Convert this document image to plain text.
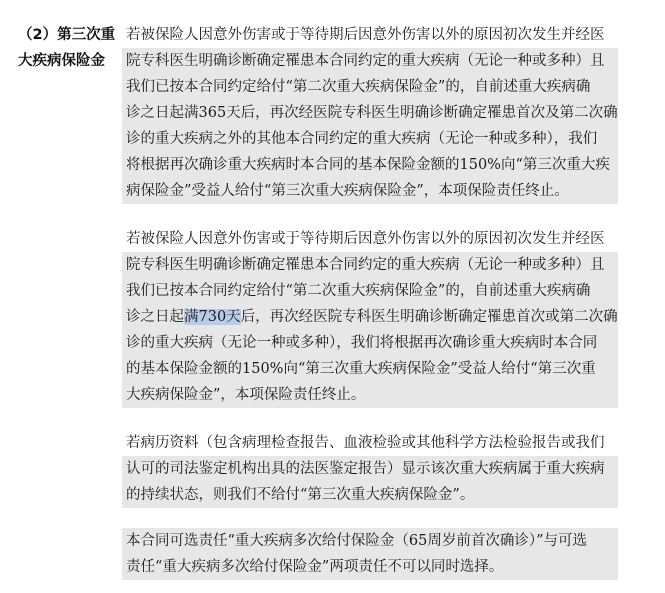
（2）第三次重
大疾病保险金
若被保险人因意外伤害或于等待期后因意外伤害以外的原因初次发生并经医
院专科医生明确诊断确定罹患本合同约定的重大疾病（无论一种或多种）且
我们已按本合同约定给付“第二次重大疾病保险金”的，自前述重大疾病确
诊之日起满365天后，再次经医院专科医生明确诊断确定罹患首次及第二次确
诊的重大疾病之外的其他本合同约定的重大疾病（无论一种或多种），我们
将根据再次确诊重大疾病时本合同的基本保险金额的150%向“第三次重大疾
病保险金”受益人给付“第三次重大疾病保险金”，本项保险责任终止。
若被保险人因意外伤害或于等待期后因意外伤害以外的原因初次发生并经医
院专科医生明确诊断确定罹患本合同约定的重大疾病（无论一种或多种）且
我们已按本合同约定给付“第二次重大疾病保险金”的，自前述重大疾病确
诊之日起满730天后，再次经医院专科医生明确诊断确定罹患首次或第二次确
诊的重大疾病（无论一种或多种），我们将根据再次确诊重大疾病时本合同
的基本保险金额的150%向“第三次重大疾病保险金”受益人给付“第三次重
大疾病保险金”，本项保险责任终止。
若病历资料（包含病理检查报告、血液检验或其他科学方法检验报告或我们
认可的司法鉴定机构出具的法医鉴定报告）显示该次重大疾病属于重大疾病
的持续状态，则我们不给付“第三次重大疾病保险金”。
本合同可选责任“重大疾病多次给付保险金（65周岁前首次确诊）”与可选
责任“重大疾病多次给付保险金”两项责任不可以同时选择。
